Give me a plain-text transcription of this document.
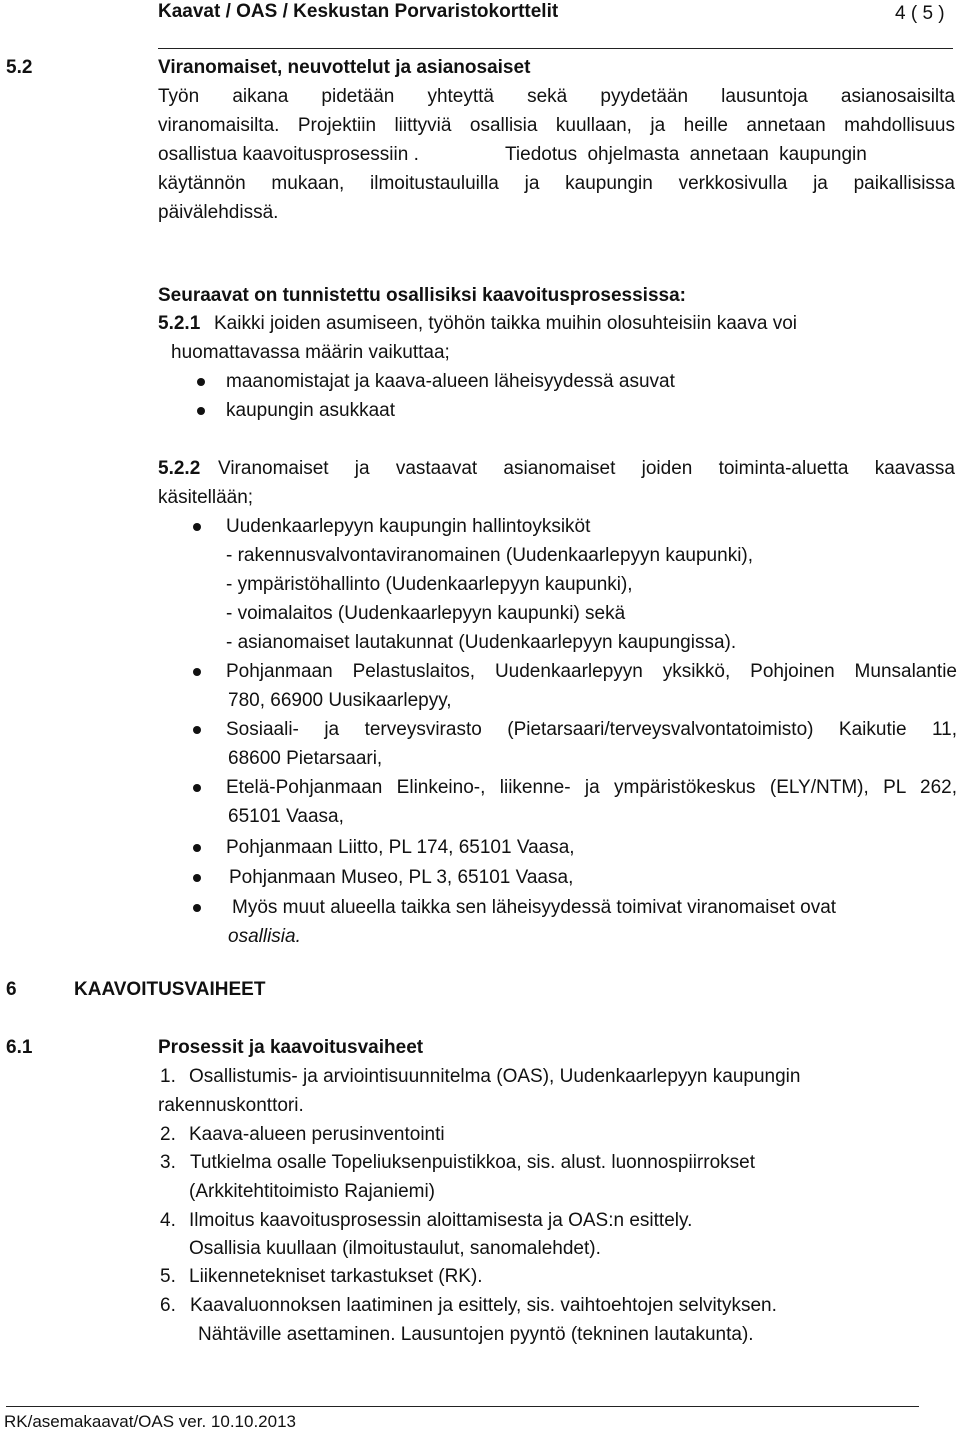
Kaavat / OAS / Keskustan Porvaristokorttelit	4 ( 5 )
5.2	Viranomaiset, neuvottelut ja asianosaiset
Työn aikana pidetään yhteyttä sekä pyydetään lausuntoja asianosaisilta
viranomaisilta. Projektiin liittyviä osallisia kuullaan, ja heille annetaan mahdollisuus
osallistua kaavoitusprosessiin .	Tiedotus ohjelmasta annetaan kaupungin
käytännön mukaan, ilmoitustauluilla ja kaupungin verkkosivulla ja paikallisissa
päivälehdissä.
Seuraavat on tunnistettu osallisiksi kaavoitusprosessissa:
5.2.1 Kaikki joiden asumiseen, työhön taikka muihin olosuhteisiin kaava voi
huomattavassa määrin vaikuttaa;
maanomistajat ja kaava-alueen läheisyydessä asuvat
kaupungin asukkaat
5.2.2 Viranomaiset ja vastaavat asianomaiset joiden toiminta-aluetta kaavassa
käsitellään;
Uudenkaarlepyyn kaupungin hallintoyksiköt
- rakennusvalvontaviranomainen (Uudenkaarlepyyn kaupunki),
- ympäristöhallinto (Uudenkaarlepyyn kaupunki),
- voimalaitos (Uudenkaarlepyyn kaupunki) sekä
- asianomaiset lautakunnat (Uudenkaarlepyyn kaupungissa).
Pohjanmaan Pelastuslaitos, Uudenkaarlepyyn yksikkö, Pohjoinen Munsalantie
780, 66900 Uusikaarlepyy,
Sosiaali- ja terveysvirasto (Pietarsaari/terveysvalvontatoimisto) Kaikutie 11,
68600 Pietarsaari,
Etelä-Pohjanmaan Elinkeino-, liikenne- ja ympäristökeskus (ELY/NTM), PL 262,
65101 Vaasa,
Pohjanmaan Liitto, PL 174, 65101 Vaasa,
Pohjanmaan Museo, PL 3, 65101 Vaasa,
Myös muut alueella taikka sen läheisyydessä toimivat viranomaiset ovat
osallisia.
6	KAAVOITUSVAIHEET
6.1	Prosessit ja kaavoitusvaiheet
1. Osallistumis- ja arviointisuunnitelma (OAS), Uudenkaarlepyyn kaupungin
rakennuskonttori.
2. Kaava-alueen perusinventointi
3. Tutkielma osalle Topeliuksenpuistikkoa, sis. alust. luonnospiirrokset
(Arkkitehtitoimisto Rajaniemi)
4. Ilmoitus kaavoitusprosessin aloittamisesta ja OAS:n esittely.
Osallisia kuullaan (ilmoitustaulut, sanomalehdet).
5. Liikennetekniset tarkastukset (RK).
6. Kaavaluonnoksen laatiminen ja esittely, sis. vaihtoehtojen selvityksen.
Nähtäville asettaminen. Lausuntojen pyyntö (tekninen lautakunta).
RK/asemakaavat/OAS ver. 10.10.2013
